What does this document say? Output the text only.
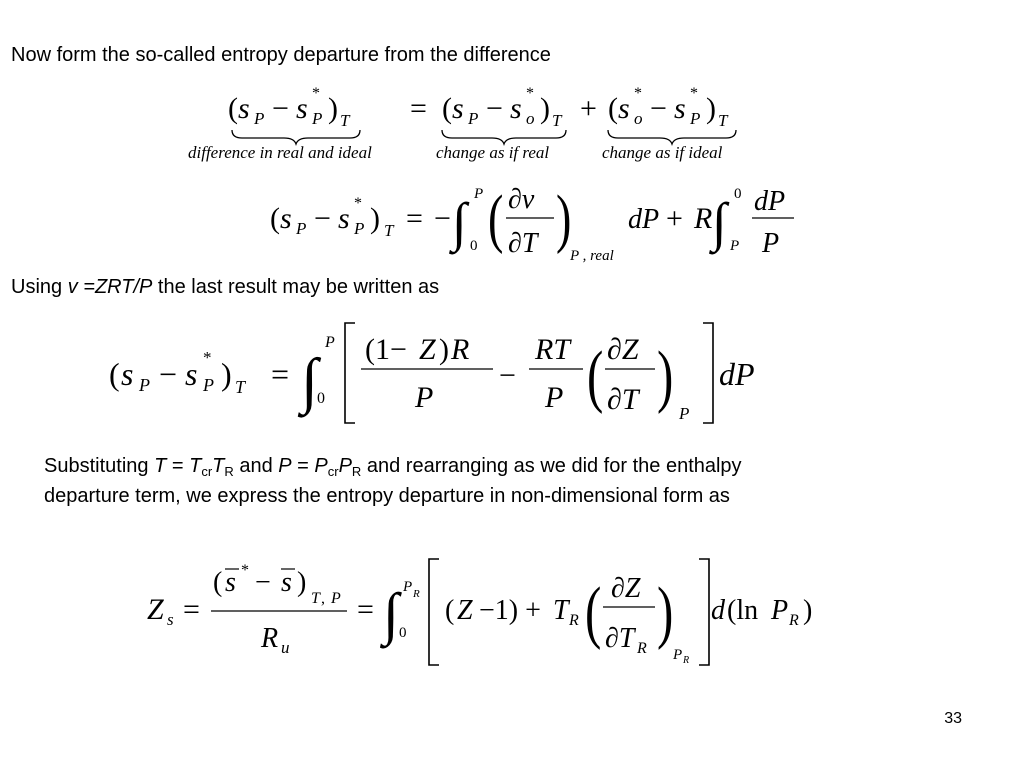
Now form the so-called entropy departure from the difference
( s P − s *
P ) T = ( s P − s *
o ) T + ( s *
o − s *
P ) T
difference in real and ideal	change as if real	change as if ideal
( s P − s *
P ) T = − ∫ 0
P ( ∂v
∂T )
P , real
dP + R ∫ P
0 dP
P
Using v =ZRT/P the last result may be written as
( s P − s *
P ) T = ∫ 0
P (1− Z ) R
P
−
RT
P ( ∂Z
∂T ) P
dP
Substituting $T = T_{cr}T_R$ and $P = P_{cr}P_R$ and rearranging as we did for the enthalpy
departure term, we express the entropy departure in non-dimensional form as
Z s =
( s * − s )
T , P
R u
= ∫ 0
P R
( Z −1) + T R ( ∂Z
∂T R )
P R
d (ln P R )
33
